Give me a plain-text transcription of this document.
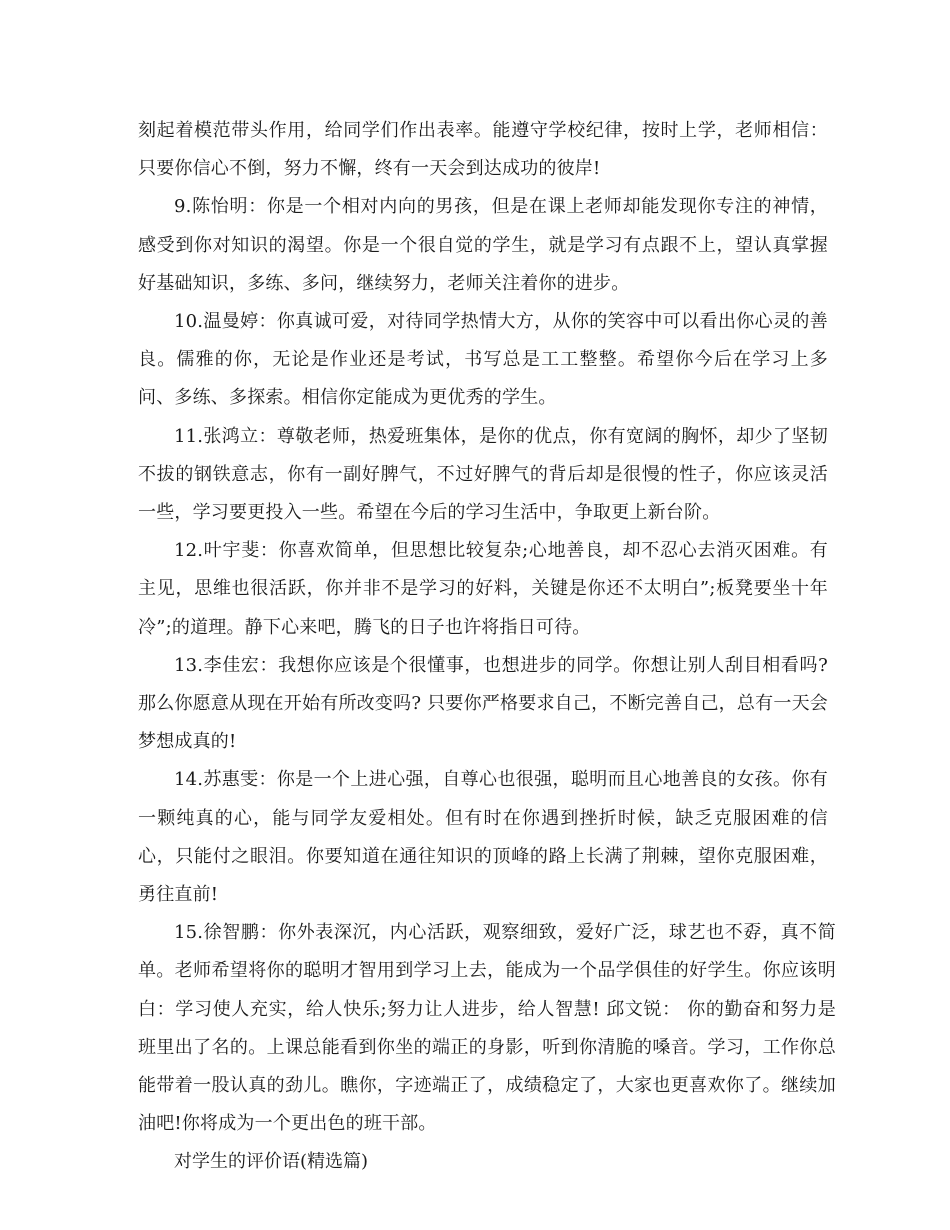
刻起着模范带头作用，给同学们作出表率。能遵守学校纪律，按时上学，老师相信：只要你信心不倒，努力不懈，终有一天会到达成功的彼岸!

9.陈怡明：你是一个相对内向的男孩，但是在课上老师却能发现你专注的神情，感受到你对知识的渴望。你是一个很自觉的学生，就是学习有点跟不上，望认真掌握好基础知识，多练、多问，继续努力，老师关注着你的进步。

10.温曼婷：你真诚可爱，对待同学热情大方，从你的笑容中可以看出你心灵的善良。儒雅的你，无论是作业还是考试，书写总是工工整整。希望你今后在学习上多问、多练、多探索。相信你定能成为更优秀的学生。

11.张鸿立：尊敬老师，热爱班集体，是你的优点，你有宽阔的胸怀，却少了坚韧不拔的钢铁意志，你有一副好脾气，不过好脾气的背后却是很慢的性子，你应该灵活一些，学习要更投入一些。希望在今后的学习生活中，争取更上新台阶。

12.叶宇斐：你喜欢简单，但思想比较复杂;心地善良，却不忍心去消灭困难。有主见，思维也很活跃，你并非不是学习的好料，关键是你还不太明白”;板凳要坐十年冷”;的道理。静下心来吧，腾飞的日子也许将指日可待。

13.李佳宏：我想你应该是个很懂事，也想进步的同学。你想让别人刮目相看吗?那么你愿意从现在开始有所改变吗? 只要你严格要求自己，不断完善自己，总有一天会梦想成真的!

14.苏惠雯：你是一个上进心强，自尊心也很强，聪明而且心地善良的女孩。你有一颗纯真的心，能与同学友爱相处。但有时在你遇到挫折时候，缺乏克服困难的信心，只能付之眼泪。你要知道在通往知识的顶峰的路上长满了荆棘，望你克服困难，勇往直前!

15.徐智鹏：你外表深沉，内心活跃，观察细致，爱好广泛，球艺也不孬，真不简单。老师希望将你的聪明才智用到学习上去，能成为一个品学俱佳的好学生。你应该明白：学习使人充实，给人快乐;努力让人进步，给人智慧! 邱文锐： 你的勤奋和努力是班里出了名的。上课总能看到你坐的端正的身影，听到你清脆的嗓音。学习，工作你总能带着一股认真的劲儿。瞧你，字迹端正了，成绩稳定了，大家也更喜欢你了。继续加油吧!你将成为一个更出色的班干部。

对学生的评价语(精选篇)
